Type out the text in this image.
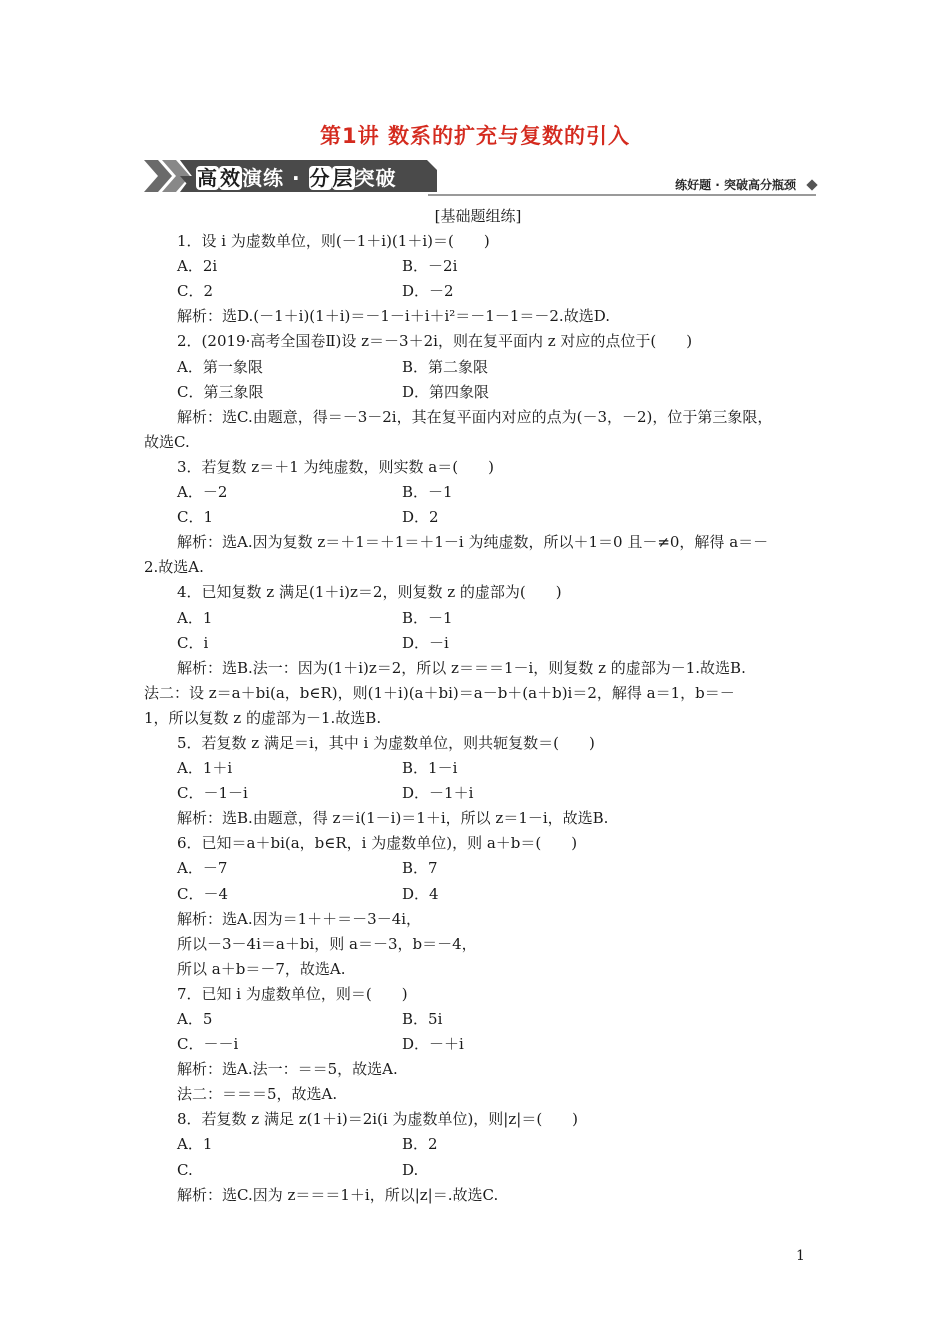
第1讲 数系的扩充与复数的引入
高 效演练 · 分 层突破	练好题 · 突破高分瓶颈
[基础题组练]
1．设 i 为虚数单位，则(－1＋i)(1＋i)＝(　　)
A．2i	B．－2i
C．2	D．－2
解析：选D.(－1＋i)(1＋i)＝－1－i＋i＋i²＝－1－1＝－2.故选D.
2．(2019·高考全国卷Ⅱ)设 z＝－3＋2i，则在复平面内 z 对应的点位于(　　)
A．第一象限	B．第二象限
C．第三象限	D．第四象限
解析：选C.由题意，得＝－3－2i，其在复平面内对应的点为(－3，－2)，位于第三象限，
故选C.
3．若复数 z＝＋1 为纯虚数，则实数 a＝(　　)
A．－2	B．－1
C．1	D．2
解析：选A.因为复数 z＝＋1＝＋1＝＋1－i 为纯虚数，所以＋1＝0 且－≠0，解得 a＝－
2.故选A.
4．已知复数 z 满足(1＋i)z＝2，则复数 z 的虚部为(　　)
A．1	B．－1
C．i	D．－i
解析：选B.法一：因为(1＋i)z＝2，所以 z＝＝＝1－i，则复数 z 的虚部为－1.故选B.
法二：设 z＝a＋bi(a，b∈R)，则(1＋i)(a＋bi)＝a－b＋(a＋b)i＝2，解得 a＝1，b＝－
1，所以复数 z 的虚部为－1.故选B.
5．若复数 z 满足＝i，其中 i 为虚数单位，则共轭复数＝(　　)
A．1＋i	B．1－i
C．－1－i	D．－1＋i
解析：选B.由题意，得 z＝i(1－i)＝1＋i，所以 z＝1－i，故选B.
6．已知＝a＋bi(a，b∈R，i 为虚数单位)，则 a＋b＝(　　)
A．－7	B．7
C．－4	D．4
解析：选A.因为＝1＋＋＝－3－4i，
所以－3－4i＝a＋bi，则 a＝－3，b＝－4，
所以 a＋b＝－7，故选A.
7．已知 i 为虚数单位，则＝(　　)
A．5	B．5i
C．－－i	D．－＋i
解析：选A.法一：＝＝5，故选A.
法二：＝＝＝5，故选A.
8．若复数 z 满足 z(1＋i)＝2i(i 为虚数单位)，则|z|＝(　　)
A．1	B．2
C.	D.
解析：选C.因为 z＝＝＝1＋i，所以|z|＝.故选C.
1
